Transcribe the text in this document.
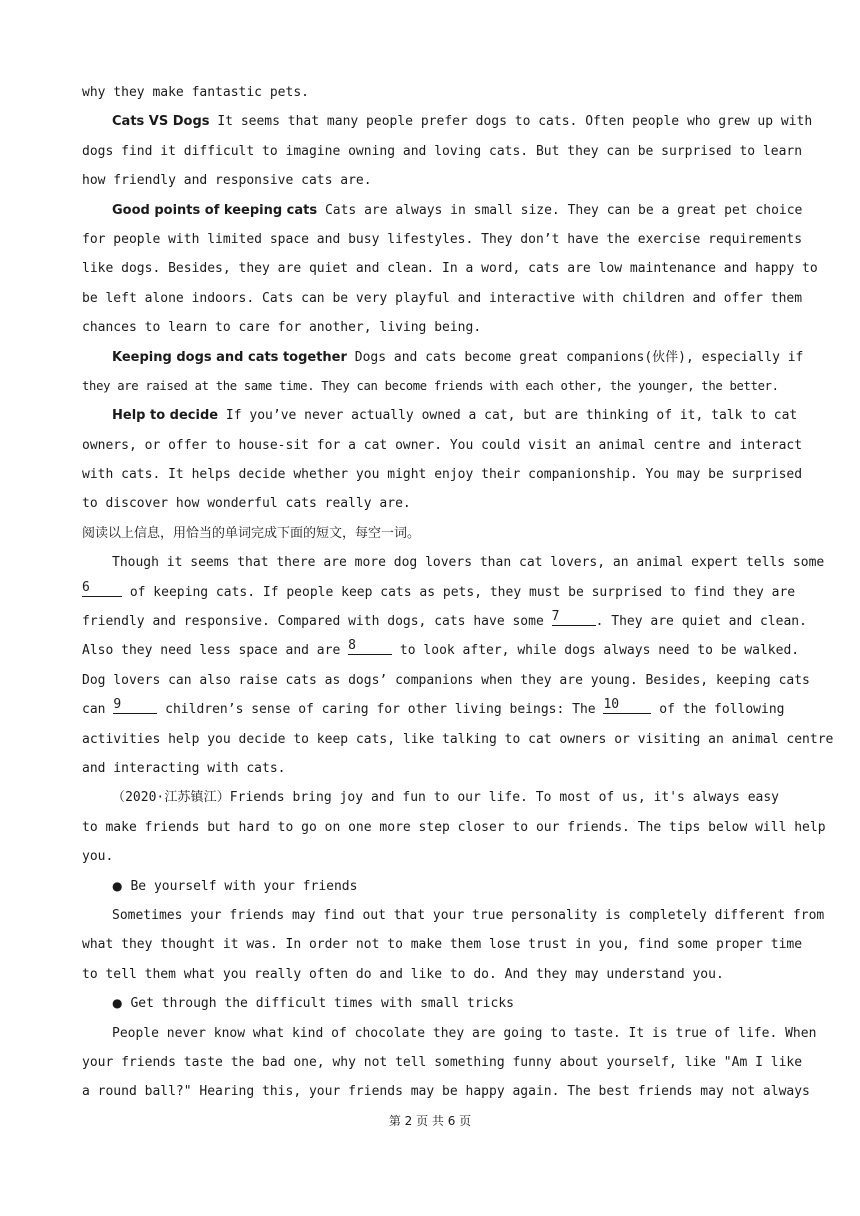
why they make fantastic pets.
Cats VS Dogs It seems that many people prefer dogs to cats. Often people who grew up with
dogs find it difficult to imagine owning and loving cats. But they can be surprised to learn
how friendly and responsive cats are.
Good points of keeping cats Cats are always in small size. They can be a great pet choice
for people with limited space and busy lifestyles. They don’t have the exercise requirements
like dogs. Besides, they are quiet and clean. In a word, cats are low maintenance and happy to
be left alone indoors. Cats can be very playful and interactive with children and offer them
chances to learn to care for another, living being.
Keeping dogs and cats together Dogs and cats become great companions(伙伴), especially if
they are raised at the same time. They can become friends with each other, the younger, the better.
Help to decide If you’ve never actually owned a cat, but are thinking of it, talk to cat
owners, or offer to house-sit for a cat owner. You could visit an animal centre and interact
with cats. It helps decide whether you might enjoy their companionship. You may be surprised
to discover how wonderful cats really are.
阅读以上信息，用恰当的单词完成下面的短文，每空一词。
Though it seems that there are more dog lovers than cat lovers, an animal expert tells some
6 of keeping cats. If people keep cats as pets, they must be surprised to find they are
friendly and responsive. Compared with dogs, cats have some 7	. They are quiet and clean.
Also they need less space and are 8	to look after, while dogs always need to be walked.
Dog lovers can also raise cats as dogs’ companions when they are young. Besides, keeping cats
can 9	children’s sense of caring for other living beings: The 10 of the following
activities help you decide to keep cats, like talking to cat owners or visiting an animal centre
and interacting with cats.
（2020·江苏镇江）Friends bring joy and fun to our life. To most of us, it's always easy
to make friends but hard to go on one more step closer to our friends. The tips below will help
you.
● Be yourself with your friends
Sometimes your friends may find out that your true personality is completely different from
what they thought it was. In order not to make them lose trust in you, find some proper time
to tell them what you really often do and like to do. And they may understand you.
● Get through the difficult times with small tricks
People never know what kind of chocolate they are going to taste. It is true of life. When
your friends taste the bad one, why not tell something funny about yourself, like "Am I like
a round ball?" Hearing this, your friends may be happy again. The best friends may not always
第 2 页 共 6 页
